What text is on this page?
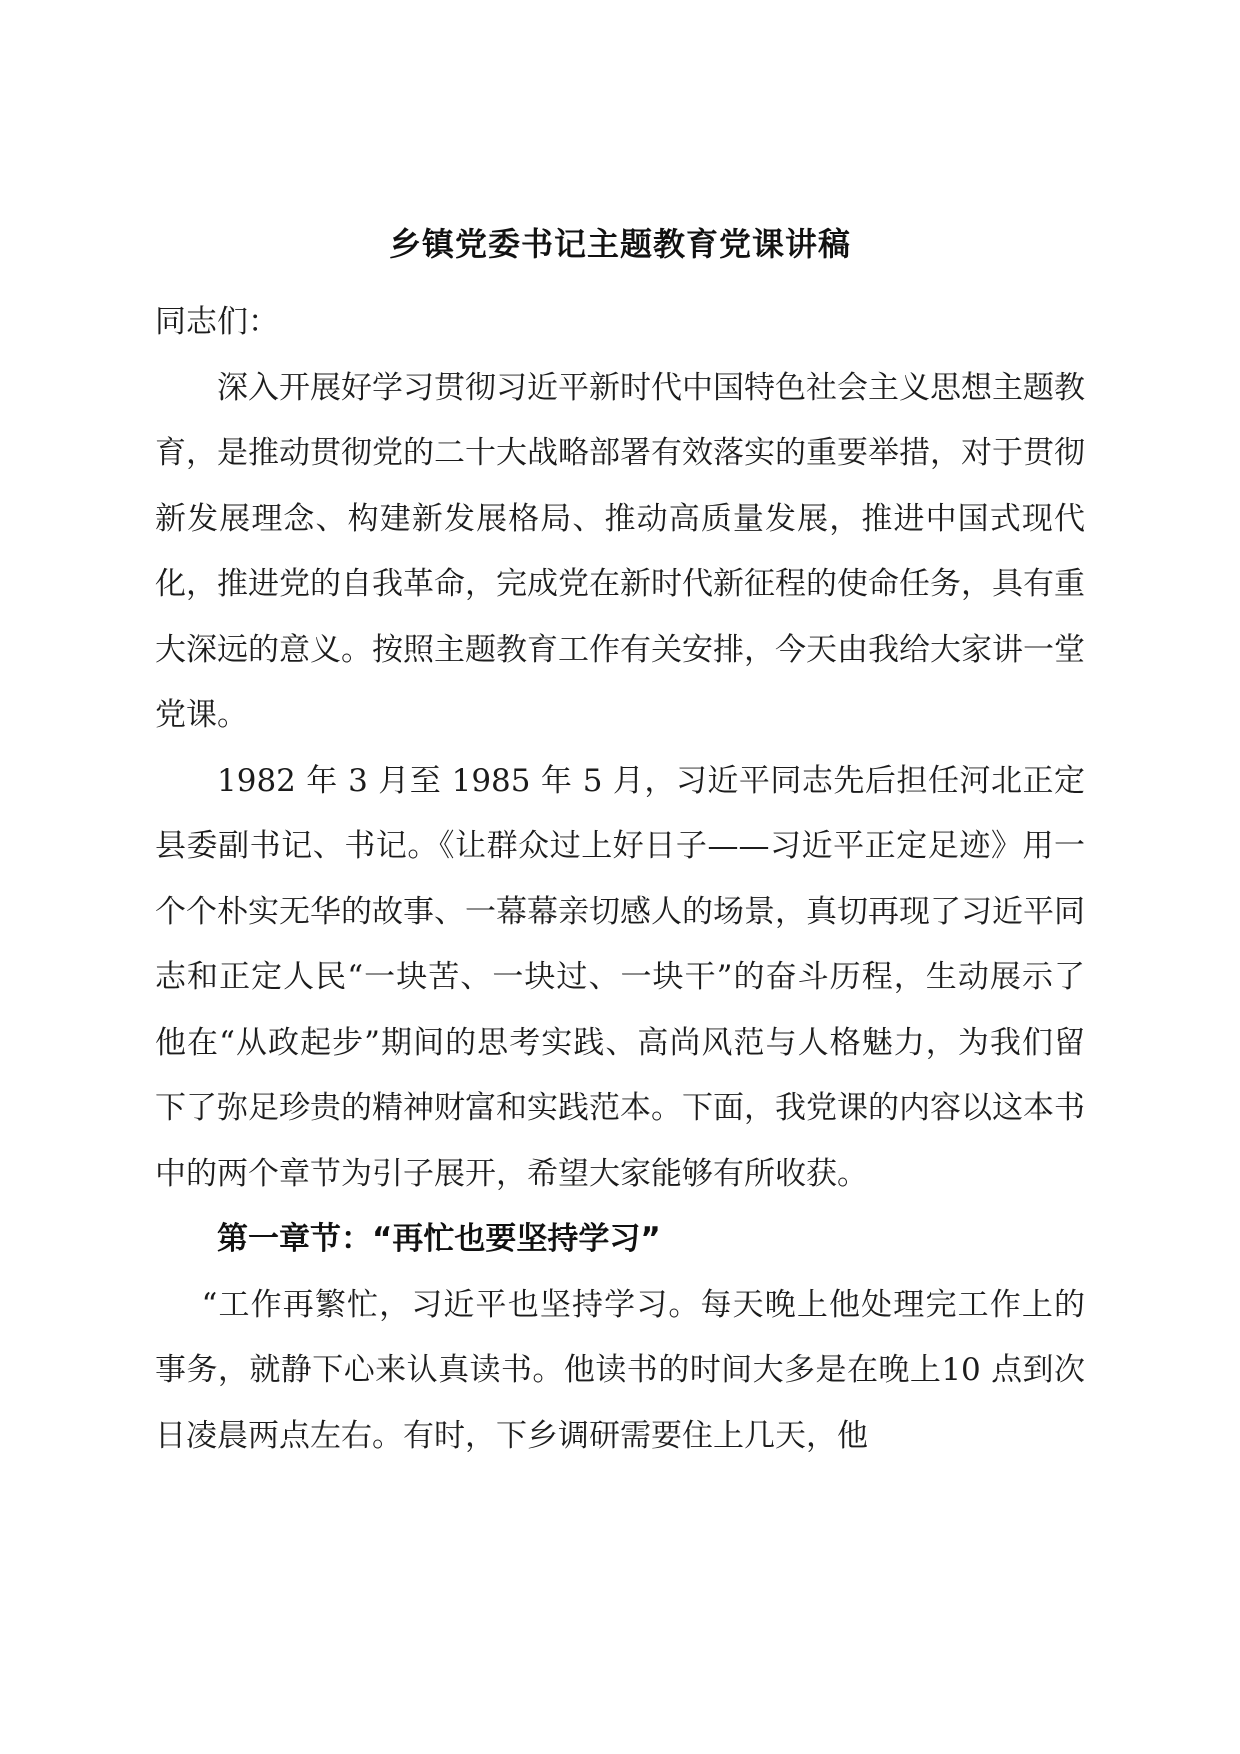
乡镇党委书记主题教育党课讲稿

同志们：

深入开展好学习贯彻习近平新时代中国特色社会主义思想主题教育，是推动贯彻党的二十大战略部署有效落实的重要举措，对于贯彻新发展理念、构建新发展格局、推动高质量发展，推进中国式现代化，推进党的自我革命，完成党在新时代新征程的使命任务，具有重大深远的意义。按照主题教育工作有关安排，今天由我给大家讲一堂党课。

1982 年 3 月至 1985 年 5 月，习近平同志先后担任河北正定县委副书记、书记。《让群众过上好日子——习近平正定足迹》用一个个朴实无华的故事、一幕幕亲切感人的场景，真切再现了习近平同志和正定人民“一块苦、一块过、一块干”的奋斗历程，生动展示了他在“从政起步”期间的思考实践、高尚风范与人格魅力，为我们留下了弥足珍贵的精神财富和实践范本。下面，我党课的内容以这本书中的两个章节为引子展开，希望大家能够有所收获。

第一章节：“再忙也要坚持学习”

“工作再繁忙，习近平也坚持学习。每天晚上他处理完工作上的事务，就静下心来认真读书。他读书的时间大多是在晚上10 点到次日凌晨两点左右。有时，下乡调研需要住上几天，他
